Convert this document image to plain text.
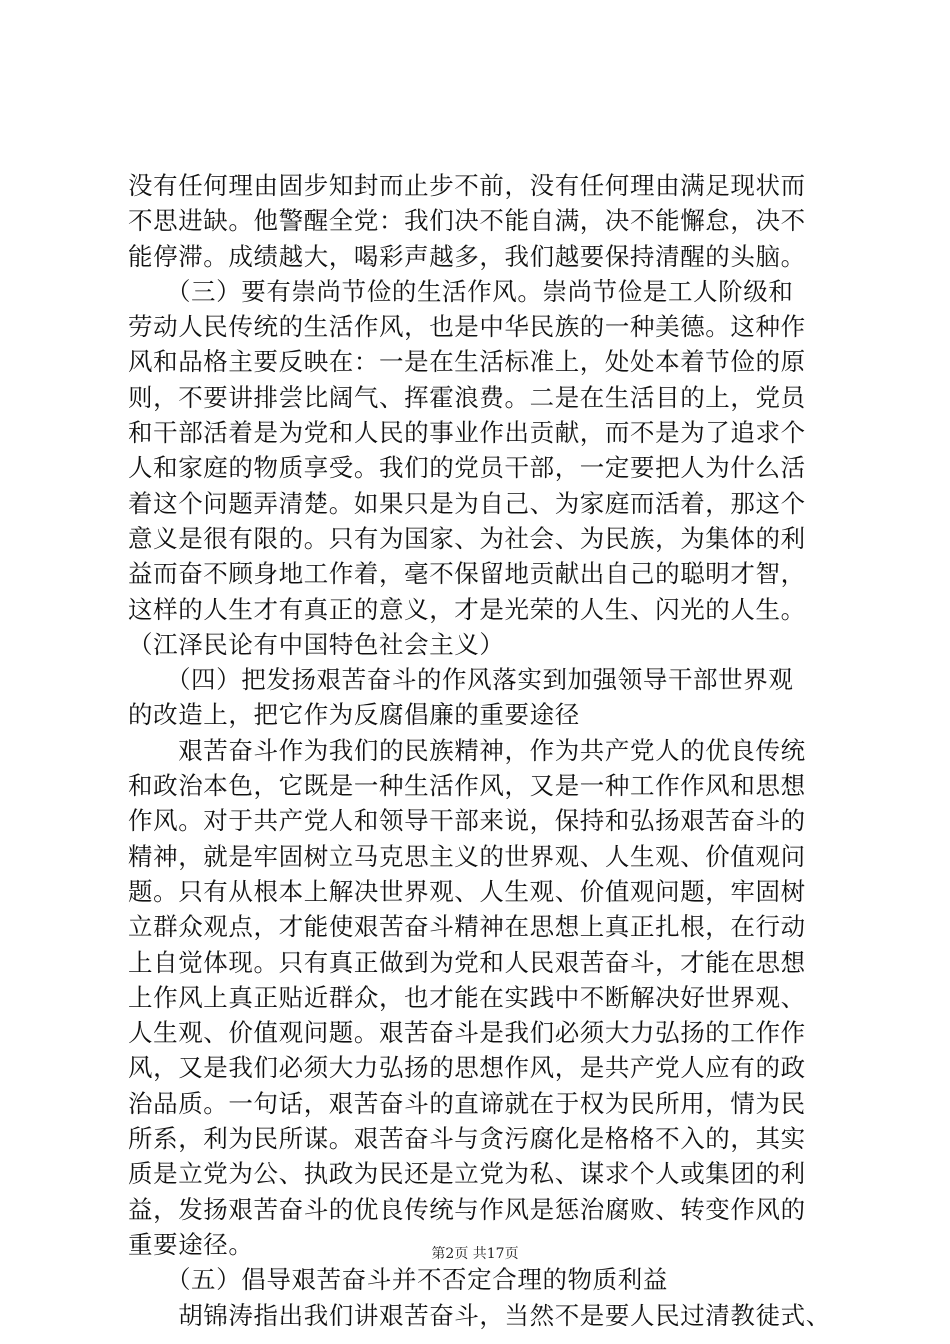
没有任何理由固步知封而止步不前，没有任何理由满足现状而
不思进缺。他警醒全党：我们决不能自满，决不能懈怠，决不
能停滞。成绩越大，喝彩声越多，我们越要保持清醒的头脑。
　　（三）要有崇尚节俭的生活作风。崇尚节俭是工人阶级和
劳动人民传统的生活作风，也是中华民族的一种美德。这种作
风和品格主要反映在：一是在生活标准上，处处本着节俭的原
则，不要讲排尝比阔气、挥霍浪费。二是在生活目的上，党员
和干部活着是为党和人民的事业作出贡献，而不是为了追求个
人和家庭的物质享受。我们的党员干部，一定要把人为什么活
着这个问题弄清楚。如果只是为自己、为家庭而活着，那这个
意义是很有限的。只有为国家、为社会、为民族，为集体的利
益而奋不顾身地工作着，毫不保留地贡献出自己的聪明才智，
这样的人生才有真正的意义，才是光荣的人生、闪光的人生。
（江泽民论有中国特色社会主义）
　　（四）把发扬艰苦奋斗的作风落实到加强领导干部世界观
的改造上，把它作为反腐倡廉的重要途径
　　艰苦奋斗作为我们的民族精神，作为共产党人的优良传统
和政治本色，它既是一种生活作风，又是一种工作作风和思想
作风。对于共产党人和领导干部来说，保持和弘扬艰苦奋斗的
精神，就是牢固树立马克思主义的世界观、人生观、价值观问
题。只有从根本上解决世界观、人生观、价值观问题，牢固树
立群众观点，才能使艰苦奋斗精神在思想上真正扎根，在行动
上自觉体现。只有真正做到为党和人民艰苦奋斗，才能在思想
上作风上真正贴近群众，也才能在实践中不断解决好世界观、
人生观、价值观问题。艰苦奋斗是我们必须大力弘扬的工作作
风，又是我们必须大力弘扬的思想作风，是共产党人应有的政
治品质。一句话，艰苦奋斗的直谛就在于权为民所用，情为民
所系，利为民所谋。艰苦奋斗与贪污腐化是格格不入的，其实
质是立党为公、执政为民还是立党为私、谋求个人或集团的利
益，发扬艰苦奋斗的优良传统与作风是惩治腐败、转变作风的
重要途径。
　　（五）倡导艰苦奋斗并不否定合理的物质利益
　　胡锦涛指出我们讲艰苦奋斗，当然不是要人民过清教徒式、
第2页 共17页
